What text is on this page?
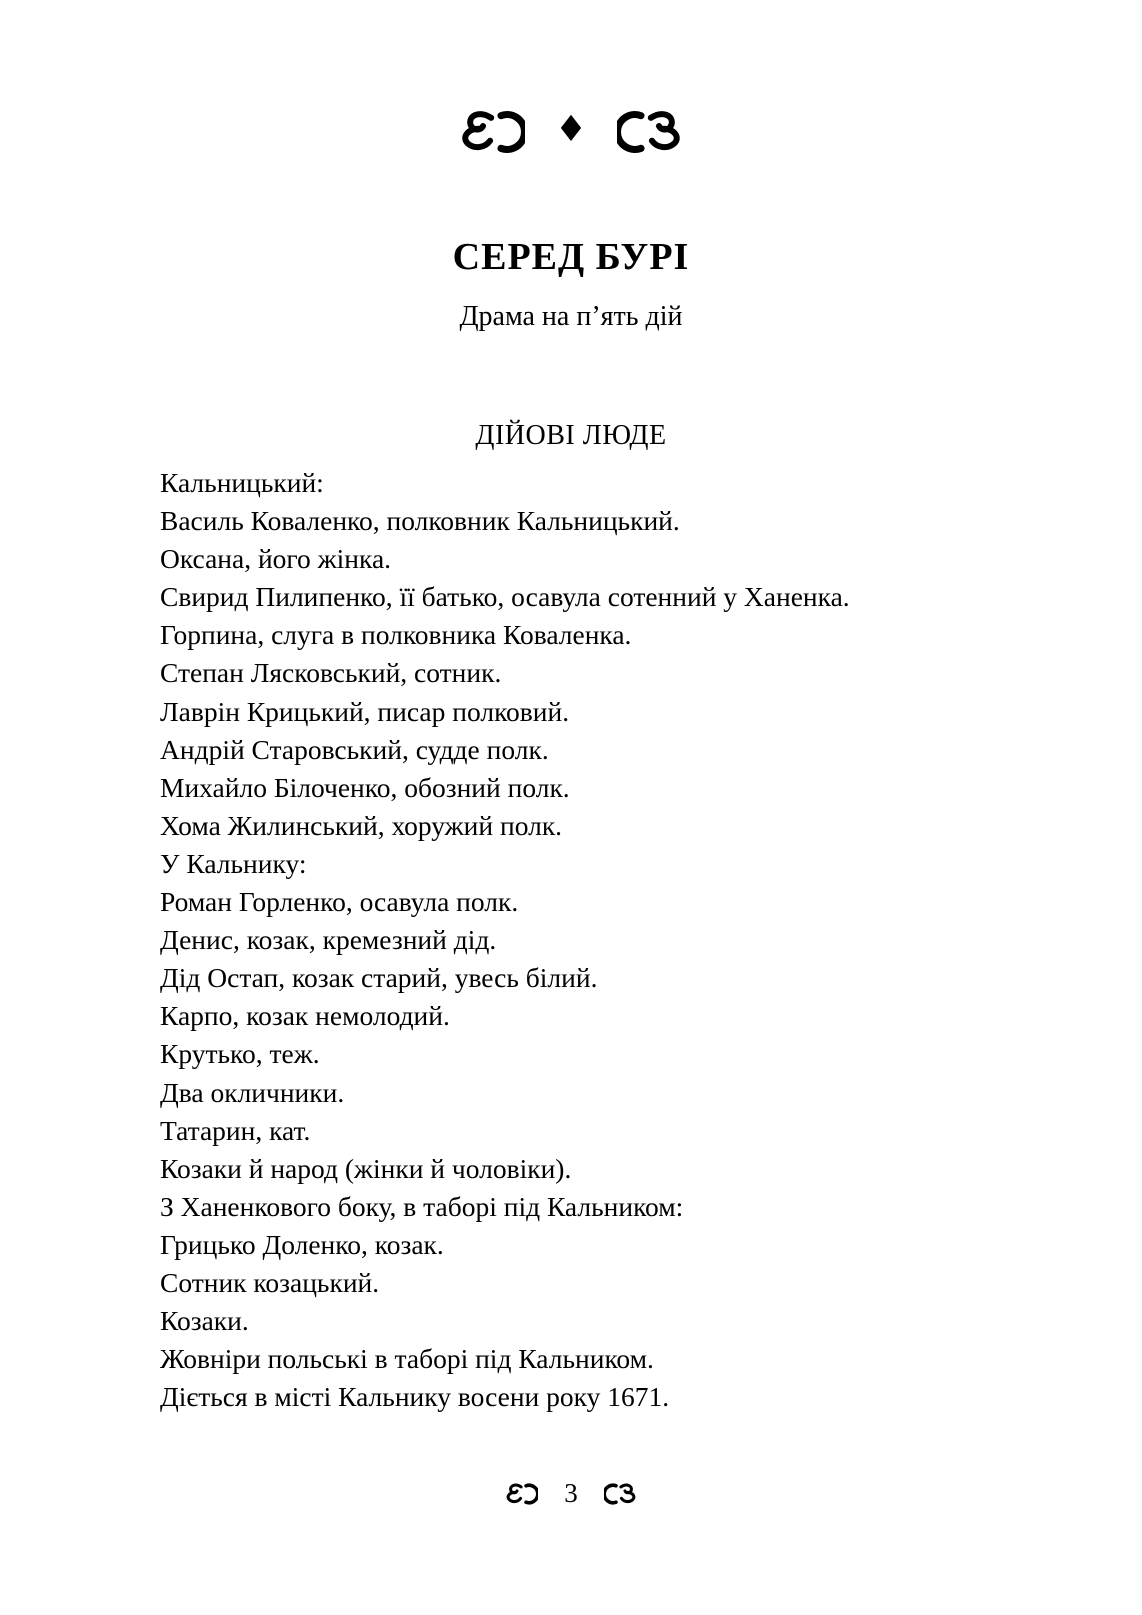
♦
СЕРЕД БУРІ
Драма на п’ять дій
ДІЙОВІ ЛЮДЕ
Кальницький:
Василь Коваленко, полковник Кальницький.
Оксана, його жінка.
Свирид Пилипенко, її батько, осавула сотенний у Ханенка.
Горпина, слуга в полковника Коваленка.
Степан Лясковський, сотник.
Лаврін Крицький, писар полковий.
Андрій Старовський, судде полк.
Михайло Білоченко, обозний полк.
Хома Жилинський, хоружий полк.
У Кальнику:
Роман Горленко, осавула полк.
Денис, козак, кремезний дід.
Дід Остап, козак старий, увесь білий.
Карпо, козак немолодий.
Крутько, теж.
Два окличники.
Татарин, кат.
Козаки й народ (жінки й чоловіки).
З Ханенкового боку, в таборі під Кальником:
Грицько Доленко, козак.
Сотник козацький.
Козаки.
Жовніри польські в таборі під Кальником.
Діється в місті Кальнику восени року 1671.
3
